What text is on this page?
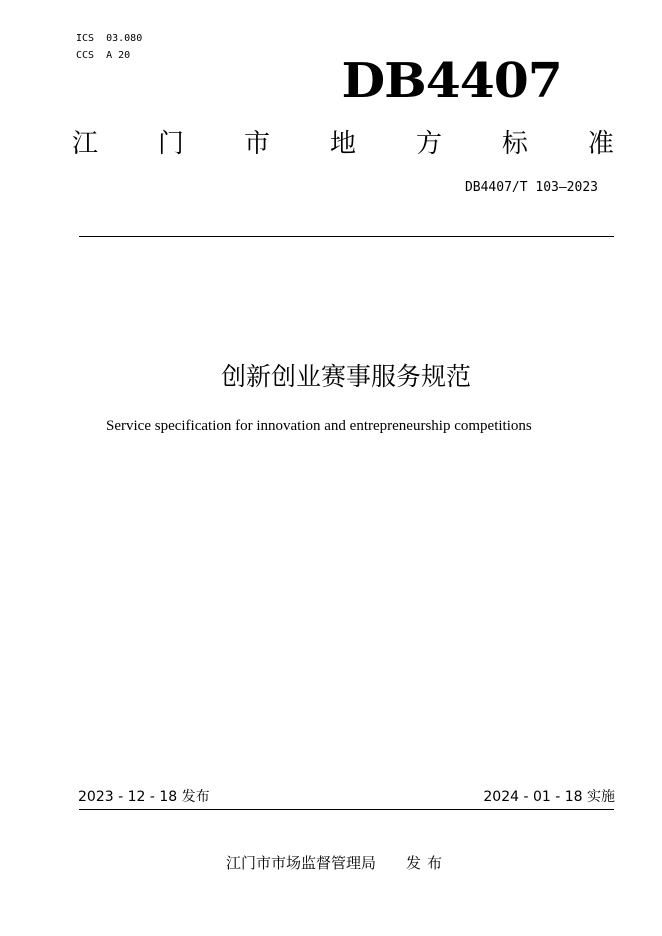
ICS  03.080
CCS  A 20	DB4407
江 门 市 地 方 标 准
DB4407/T 103—2023
创新创业赛事服务规范
Service specification for innovation and entrepreneurship competitions
2023 - 12 - 18 发布	2024 - 01 - 18 实施
江门市市场监督管理局 发布
